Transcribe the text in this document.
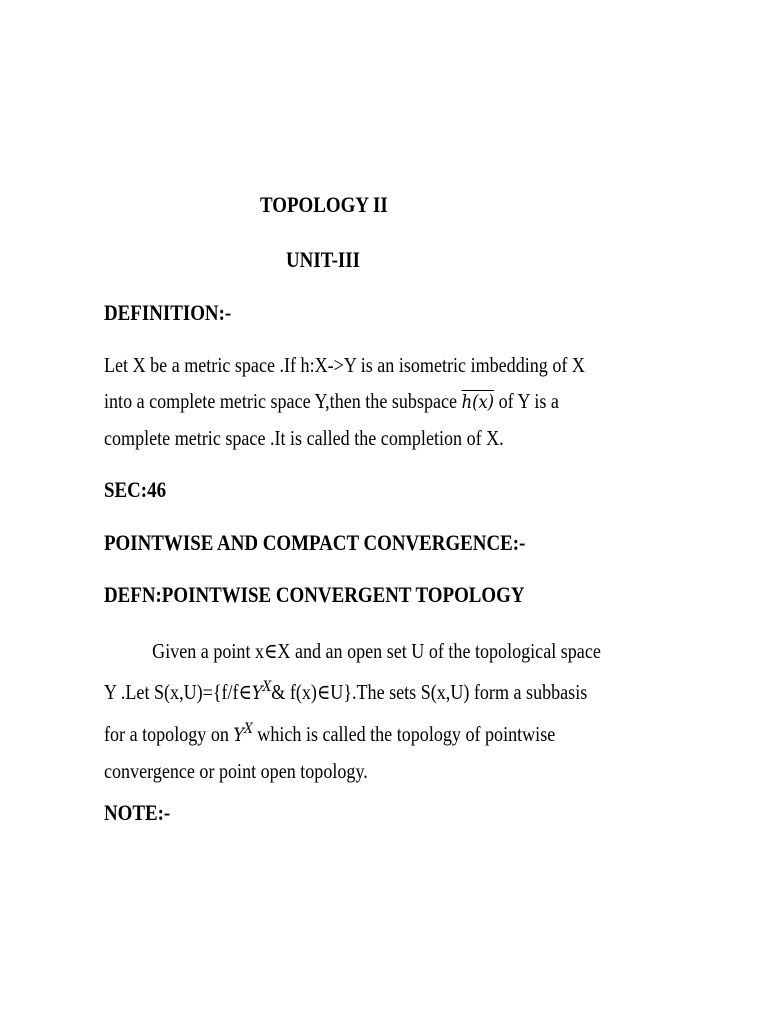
TOPOLOGY II
UNIT-III
DEFINITION:-
Let X be a metric space .If h:X->Y is an isometric imbedding of X
into a complete metric space Y,then the subspace h(x) of Y is a
complete metric space .It is called the completion of X.
SEC:46
POINTWISE AND COMPACT CONVERGENCE:-
DEFN:POINTWISE CONVERGENT TOPOLOGY
Given a point x∈X and an open set U of the topological space
Y .Let $S(x,U)=\{f/f\in Y^X\&$ f(x)∈U}.The sets S(x,U) form a subbasis
for a topology on $Y^X$ which is called the topology of pointwise
convergence or point open topology.
NOTE:-
